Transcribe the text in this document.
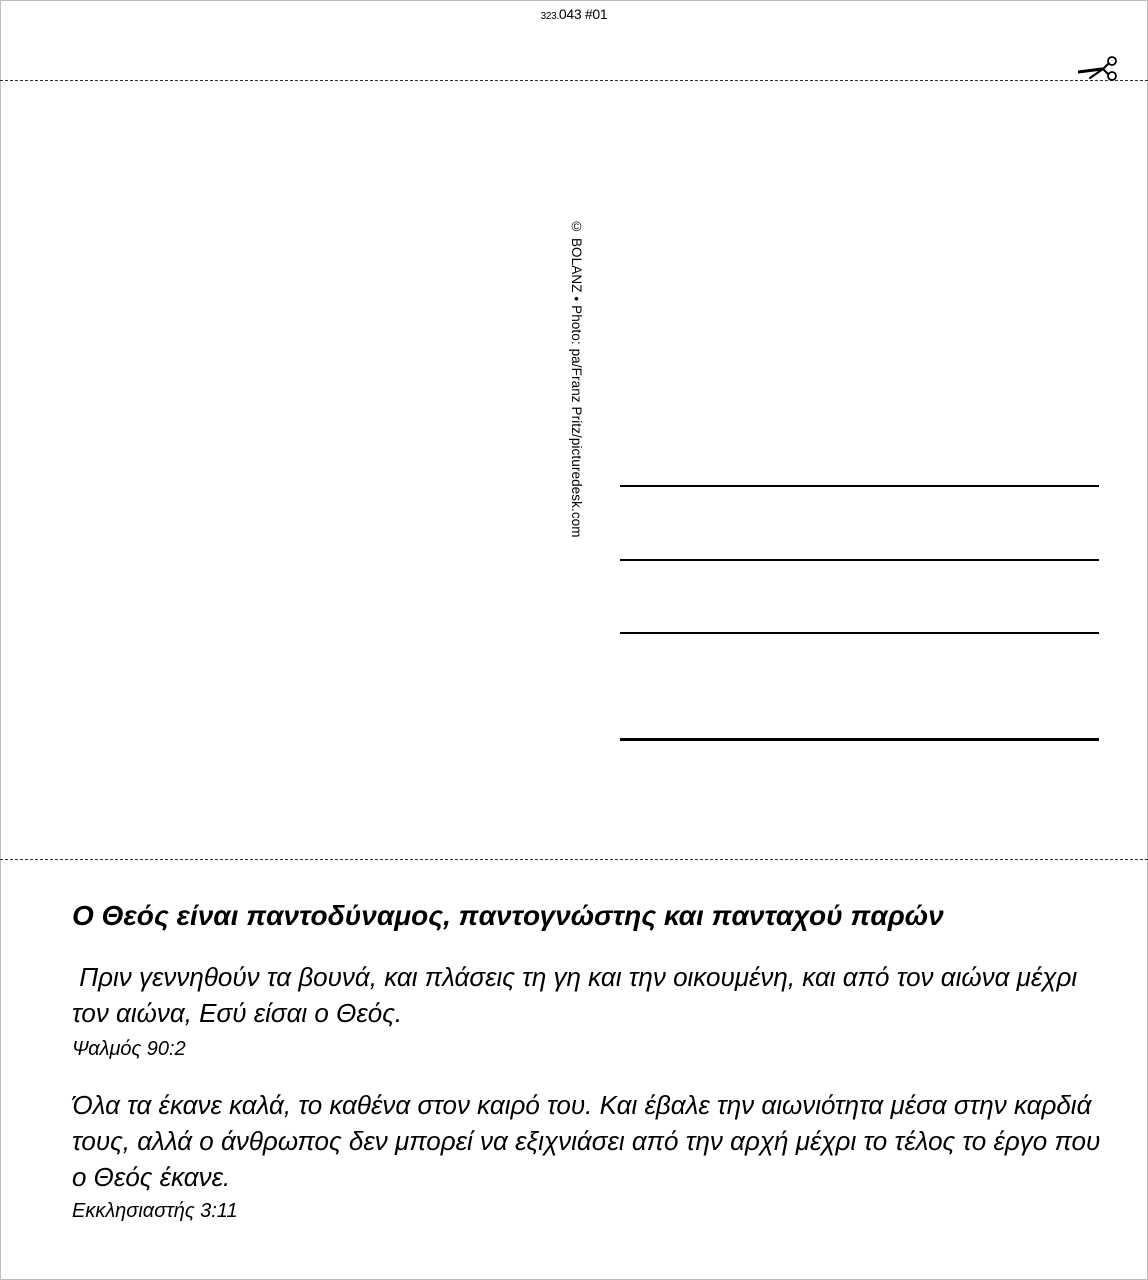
323.043 #01
© BOLANZ • Photo: pa/Franz Pritz/picturedesk.com
Ο Θεός είναι παντοδύναμος, παντογνώστης και πανταχού παρών
Πριν γεννηθούν τα βουνά, και πλάσεις τη γη και την οικουμένη, και από τον αιώνα μέχρι τον αιώνα, Εσύ είσαι ο Θεός.
Ψαλμός 90:2
Όλα τα έκανε καλά, το καθένα στον καιρό του. Και έβαλε την αιωνιότητα μέσα στην καρδιά τους, αλλά ο άνθρωπος δεν μπορεί να εξιχνιάσει από την αρχή μέχρι το τέλος το έργο που ο Θεός έκανε.
Εκκλησιαστής 3:11
